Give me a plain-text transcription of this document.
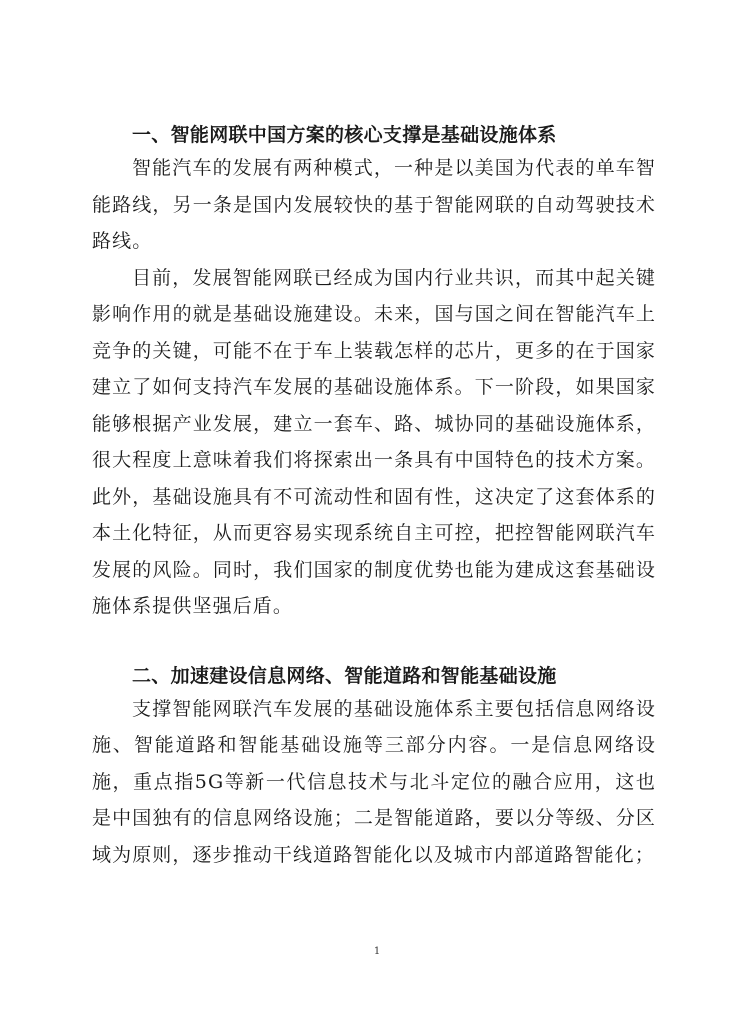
一、智能网联中国方案的核心支撑是基础设施体系

智能汽车的发展有两种模式，一种是以美国为代表的单车智能路线，另一条是国内发展较快的基于智能网联的自动驾驶技术路线。

目前，发展智能网联已经成为国内行业共识，而其中起关键影响作用的就是基础设施建设。未来，国与国之间在智能汽车上竞争的关键，可能不在于车上装载怎样的芯片，更多的在于国家建立了如何支持汽车发展的基础设施体系。下一阶段，如果国家能够根据产业发展，建立一套车、路、城协同的基础设施体系，很大程度上意味着我们将探索出一条具有中国特色的技术方案。此外，基础设施具有不可流动性和固有性，这决定了这套体系的本土化特征，从而更容易实现系统自主可控，把控智能网联汽车发展的风险。同时，我们国家的制度优势也能为建成这套基础设施体系提供坚强后盾。

二、加速建设信息网络、智能道路和智能基础设施

支撑智能网联汽车发展的基础设施体系主要包括信息网络设施、智能道路和智能基础设施等三部分内容。一是信息网络设施，重点指5G等新一代信息技术与北斗定位的融合应用，这也是中国独有的信息网络设施；二是智能道路，要以分等级、分区域为原则，逐步推动干线道路智能化以及城市内部道路智能化；

1
